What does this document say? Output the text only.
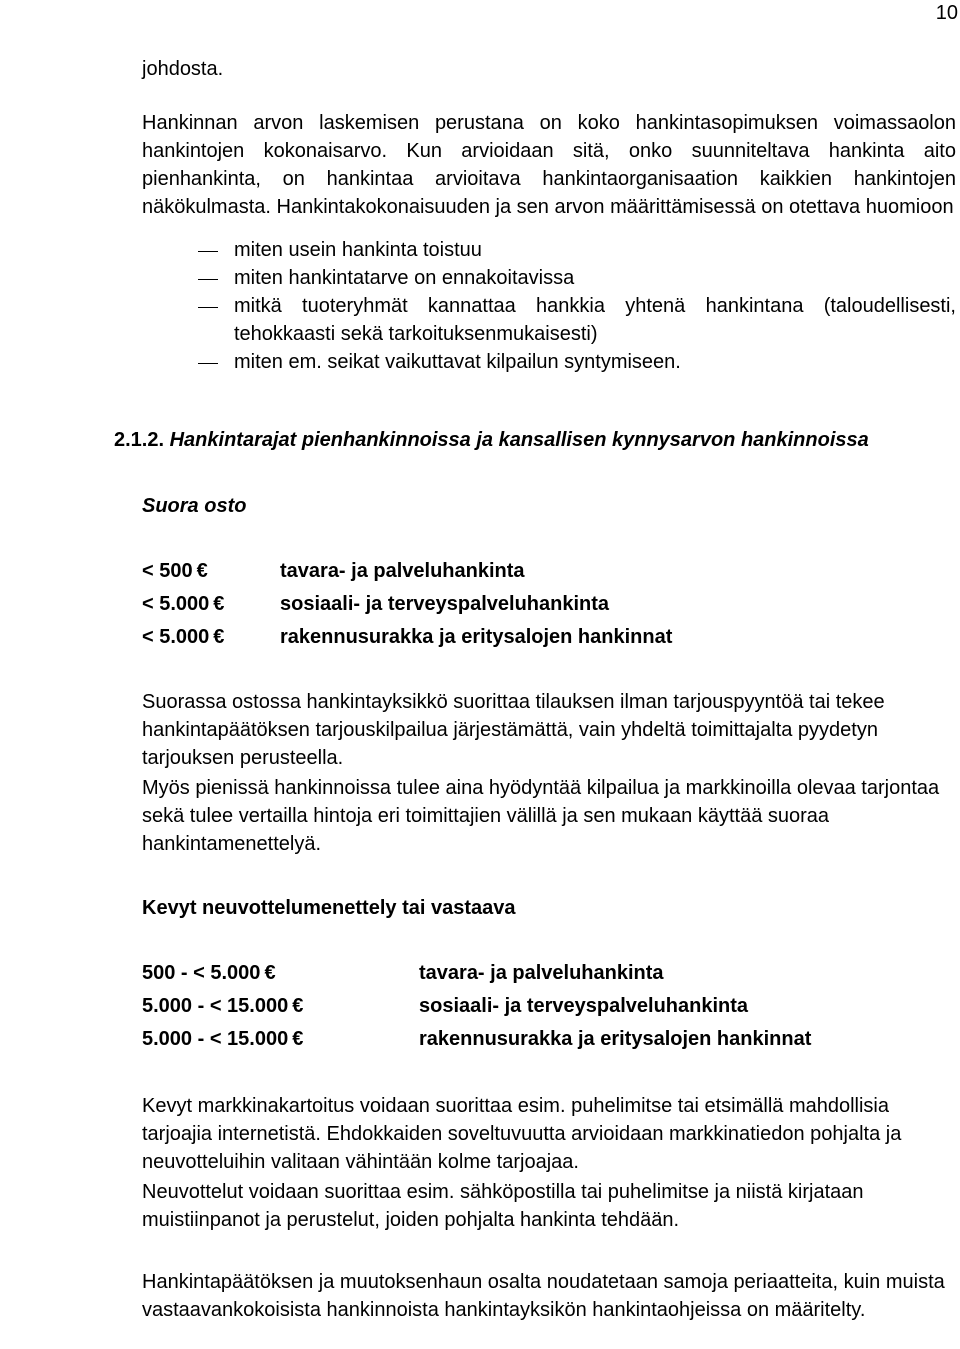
10

johdosta.

Hankinnan arvon laskemisen perustana on koko hankintasopimuksen voimassaolon hankintojen kokonaisarvo. Kun arvioidaan sitä, onko suunniteltava hankinta aito pienhankinta, on hankintaa arvioitava hankintaorganisaation kaikkien hankintojen näkökulmasta. Hankintakokonaisuuden ja sen arvon määrittämisessä on otettava huomioon

miten usein hankinta toistuu
miten hankintatarve on ennakoitavissa
mitkä tuoteryhmät kannattaa hankkia yhtenä hankintana (taloudellisesti, tehokkaasti sekä tarkoituksenmukaisesti)
miten em. seikat vaikuttavat kilpailun syntymiseen.
2.1.2. Hankintarajat pienhankinnoissa ja kansallisen kynnysarvon hankinnoissa
Suora osto
< 500 €	tavara- ja palveluhankinta
< 5.000 €	sosiaali- ja terveyspalveluhankinta
< 5.000 €	rakennusurakka ja eritysalojen hankinnat

Suorassa ostossa hankintayksikkö suorittaa tilauksen ilman tarjouspyyntöä tai tekee hankintapäätöksen tarjouskilpailua järjestämättä, vain yhdeltä toimittajalta pyydetyn tarjouksen perusteella.

Myös pienissä hankinnoissa tulee aina hyödyntää kilpailua ja markkinoilla olevaa tarjontaa sekä tulee vertailla hintoja eri toimittajien välillä ja sen mukaan käyttää suoraa hankintamenettelyä.

Kevyt neuvottelumenettely tai vastaava
500 - < 5.000 €	tavara- ja palveluhankinta
5.000 - < 15.000 €	sosiaali- ja terveyspalveluhankinta
5.000 - < 15.000 €	rakennusurakka ja eritysalojen hankinnat

Kevyt markkinakartoitus voidaan suorittaa esim. puhelimitse tai etsimällä mahdollisia tarjoajia internetistä. Ehdokkaiden soveltuvuutta arvioidaan markkinatiedon pohjalta ja neuvotteluihin valitaan vähintään kolme tarjoajaa.

Neuvottelut voidaan suorittaa esim. sähköpostilla tai puhelimitse ja niistä kirjataan muistiinpanot ja perustelut, joiden pohjalta hankinta tehdään.

Hankintapäätöksen ja muutoksenhaun osalta noudatetaan samoja periaatteita, kuin muista vastaavankokoisista hankinnoista hankintayksikön hankintaohjeissa on määritelty.
